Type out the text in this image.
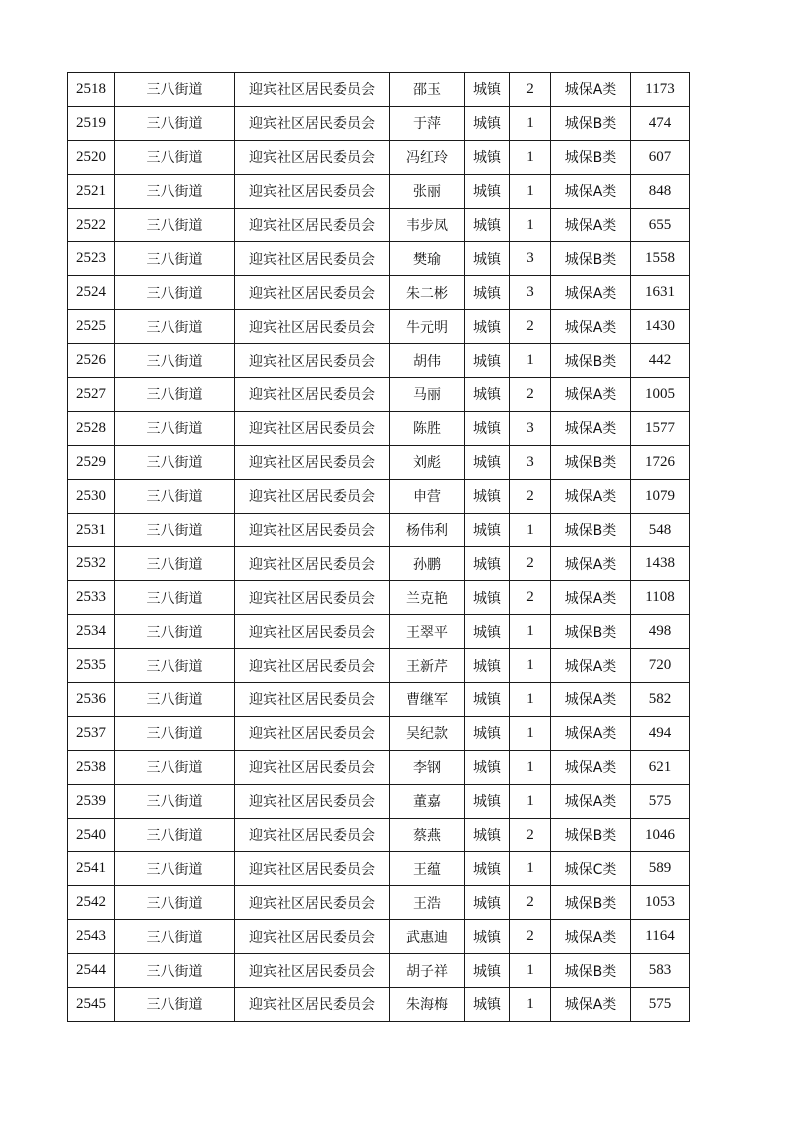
2518	三八街道	迎宾社区居民委员会	邵玉	城镇	2	城保A类	1173
2519	三八街道	迎宾社区居民委员会	于萍	城镇	1	城保B类	474
2520	三八街道	迎宾社区居民委员会	冯红玲	城镇	1	城保B类	607
2521	三八街道	迎宾社区居民委员会	张丽	城镇	1	城保A类	848
2522	三八街道	迎宾社区居民委员会	韦步凤	城镇	1	城保A类	655
2523	三八街道	迎宾社区居民委员会	樊瑜	城镇	3	城保B类	1558
2524	三八街道	迎宾社区居民委员会	朱二彬	城镇	3	城保A类	1631
2525	三八街道	迎宾社区居民委员会	牛元明	城镇	2	城保A类	1430
2526	三八街道	迎宾社区居民委员会	胡伟	城镇	1	城保B类	442
2527	三八街道	迎宾社区居民委员会	马丽	城镇	2	城保A类	1005
2528	三八街道	迎宾社区居民委员会	陈胜	城镇	3	城保A类	1577
2529	三八街道	迎宾社区居民委员会	刘彪	城镇	3	城保B类	1726
2530	三八街道	迎宾社区居民委员会	申营	城镇	2	城保A类	1079
2531	三八街道	迎宾社区居民委员会	杨伟利	城镇	1	城保B类	548
2532	三八街道	迎宾社区居民委员会	孙鹏	城镇	2	城保A类	1438
2533	三八街道	迎宾社区居民委员会	兰克艳	城镇	2	城保A类	1108
2534	三八街道	迎宾社区居民委员会	王翠平	城镇	1	城保B类	498
2535	三八街道	迎宾社区居民委员会	王新芹	城镇	1	城保A类	720
2536	三八街道	迎宾社区居民委员会	曹继军	城镇	1	城保A类	582
2537	三八街道	迎宾社区居民委员会	吴纪款	城镇	1	城保A类	494
2538	三八街道	迎宾社区居民委员会	李钢	城镇	1	城保A类	621
2539	三八街道	迎宾社区居民委员会	董嘉	城镇	1	城保A类	575
2540	三八街道	迎宾社区居民委员会	蔡燕	城镇	2	城保B类	1046
2541	三八街道	迎宾社区居民委员会	王蕴	城镇	1	城保C类	589
2542	三八街道	迎宾社区居民委员会	王浩	城镇	2	城保B类	1053
2543	三八街道	迎宾社区居民委员会	武惠迪	城镇	2	城保A类	1164
2544	三八街道	迎宾社区居民委员会	胡子祥	城镇	1	城保B类	583
2545	三八街道	迎宾社区居民委员会	朱海梅	城镇	1	城保A类	575
